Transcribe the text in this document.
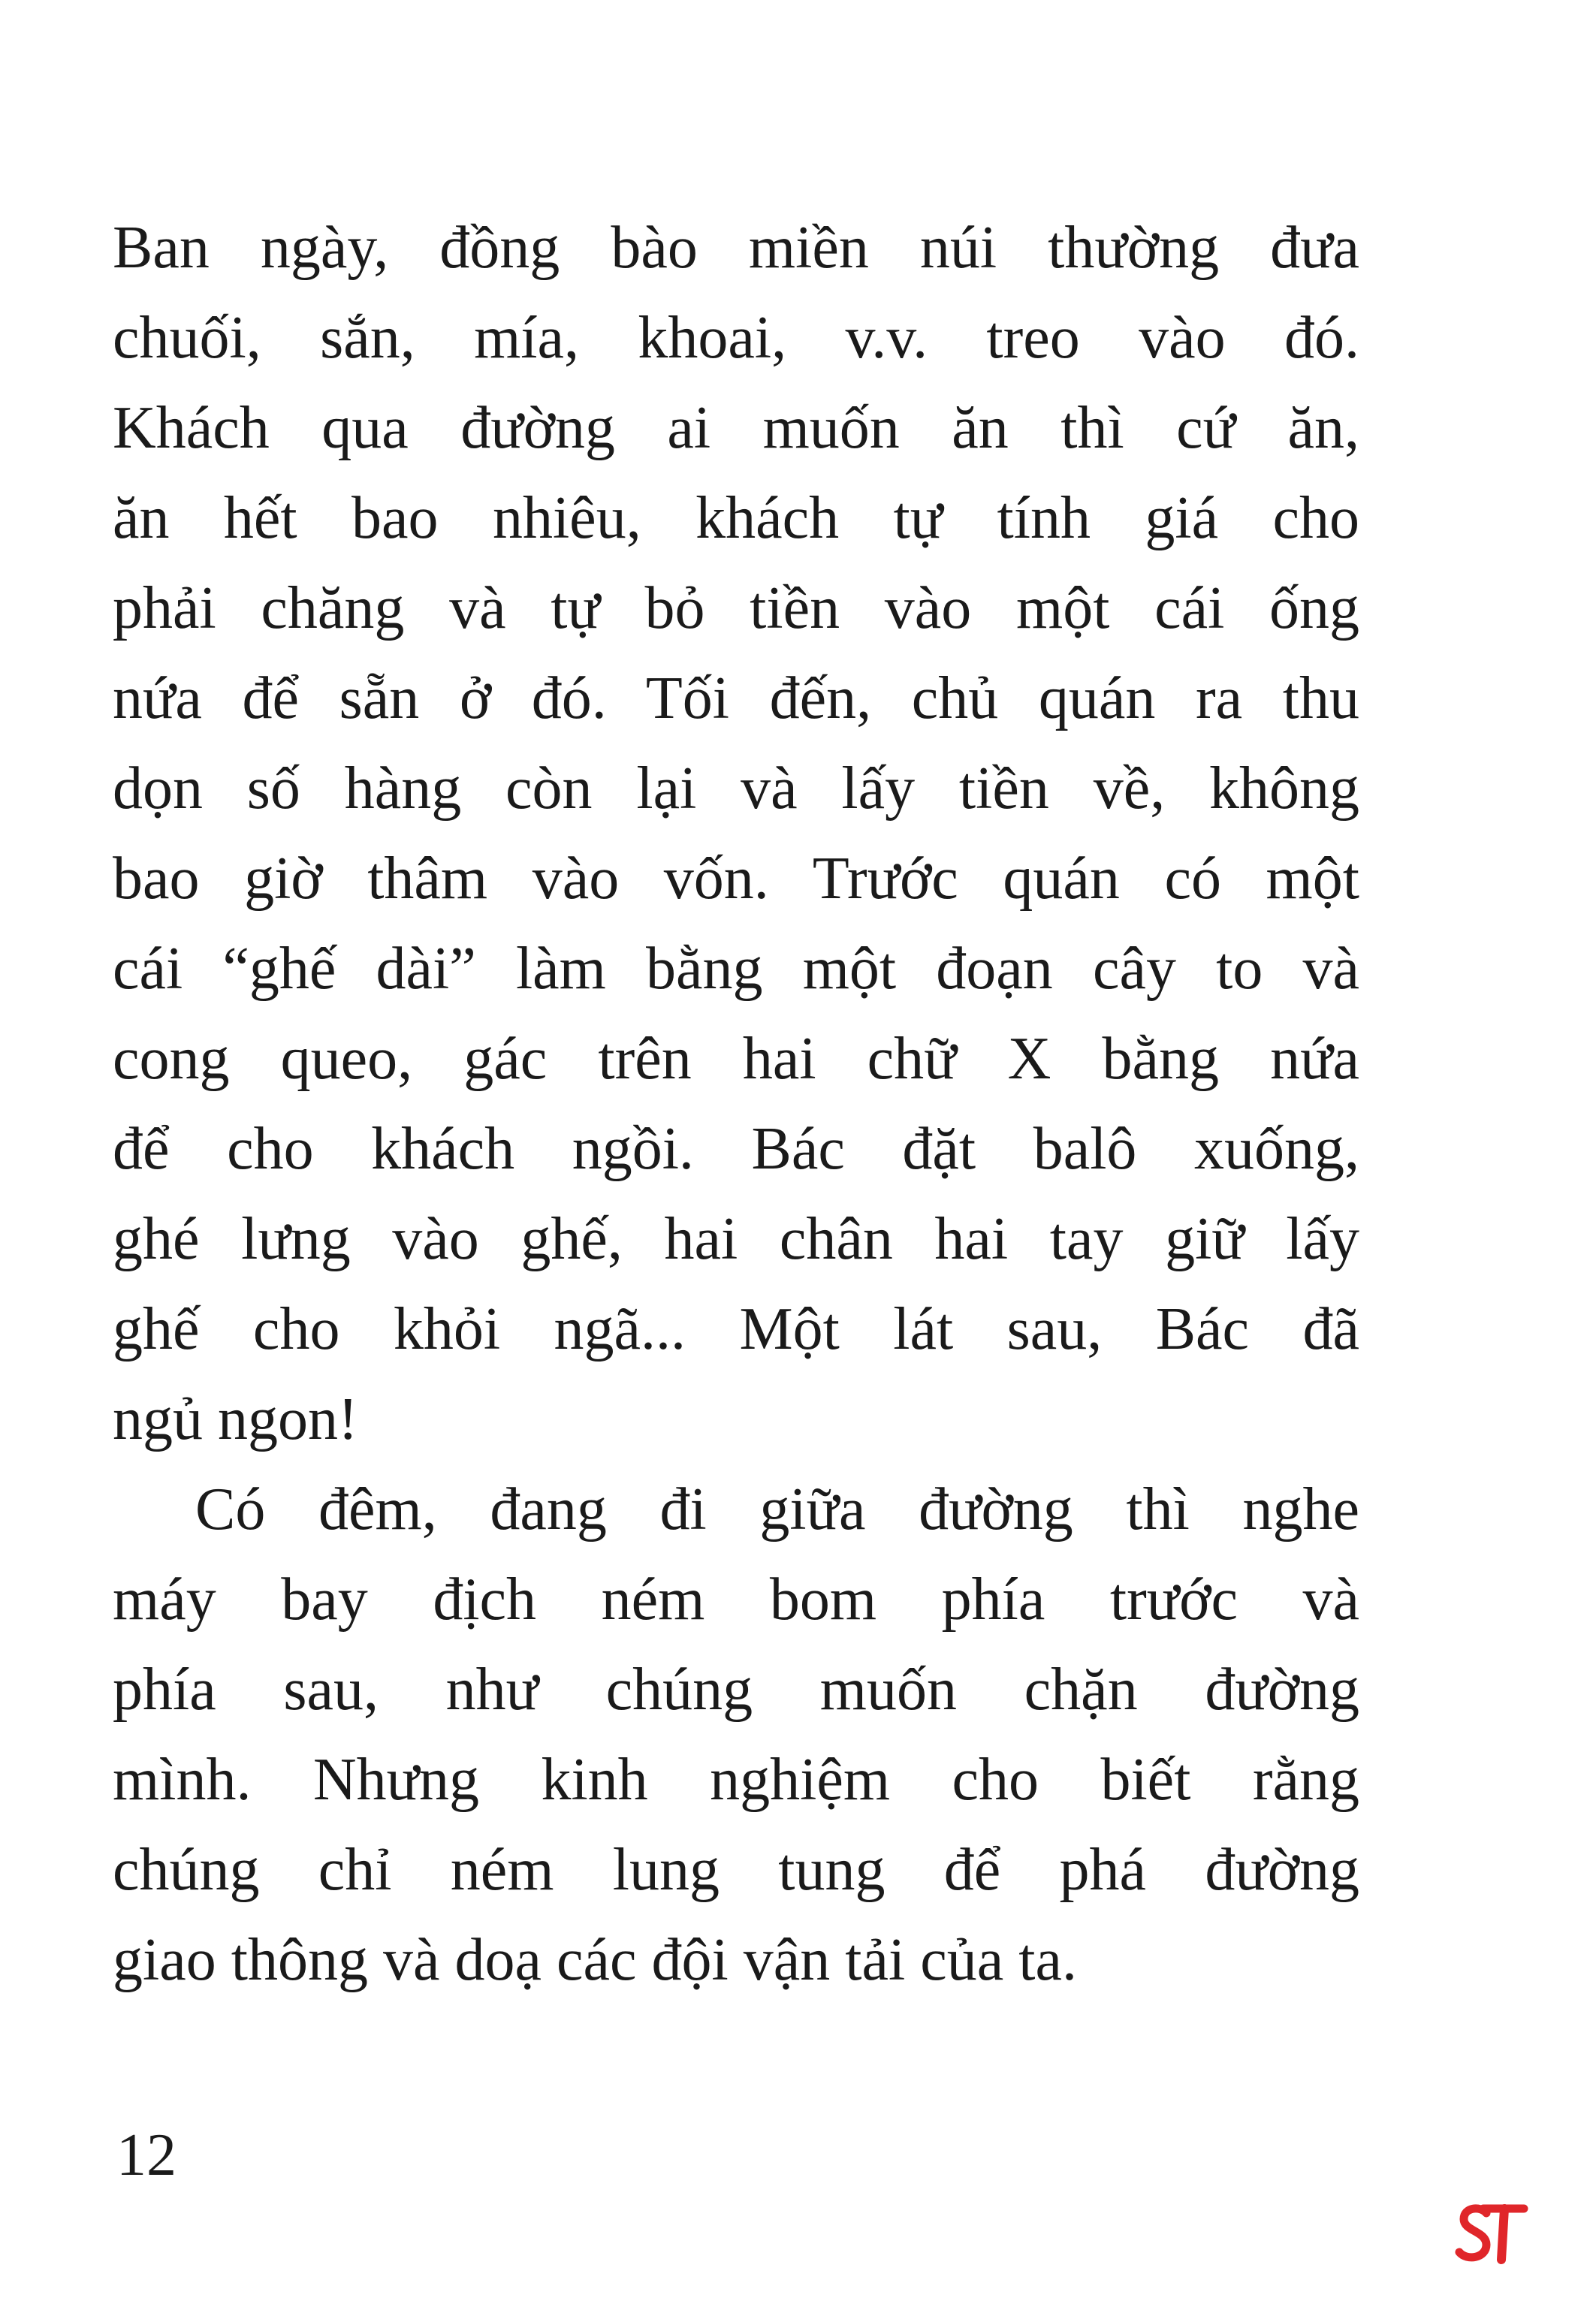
Ban ngày, đồng bào miền núi thường đưa
chuối, sắn, mía, khoai, v.v. treo vào đó.
Khách qua đường ai muốn ăn thì cứ ăn,
ăn hết bao nhiêu, khách tự tính giá cho
phải chăng và tự bỏ tiền vào một cái ống
nứa để sẵn ở đó. Tối đến, chủ quán ra thu
dọn số hàng còn lại và lấy tiền về, không
bao giờ thâm vào vốn. Trước quán có một
cái “ghế dài” làm bằng một đoạn cây to và
cong queo, gác trên hai chữ X bằng nứa
để cho khách ngồi. Bác đặt balô xuống,
ghé lưng vào ghế, hai chân hai tay giữ lấy
ghế cho khỏi ngã... Một lát sau, Bác đã
ngủ ngon!
Có đêm, đang đi giữa đường thì nghe
máy bay địch ném bom phía trước và
phía sau, như chúng muốn chặn đường
mình. Nhưng kinh nghiệm cho biết rằng
chúng chỉ ném lung tung để phá đường
giao thông và doạ các đội vận tải của ta.

12
